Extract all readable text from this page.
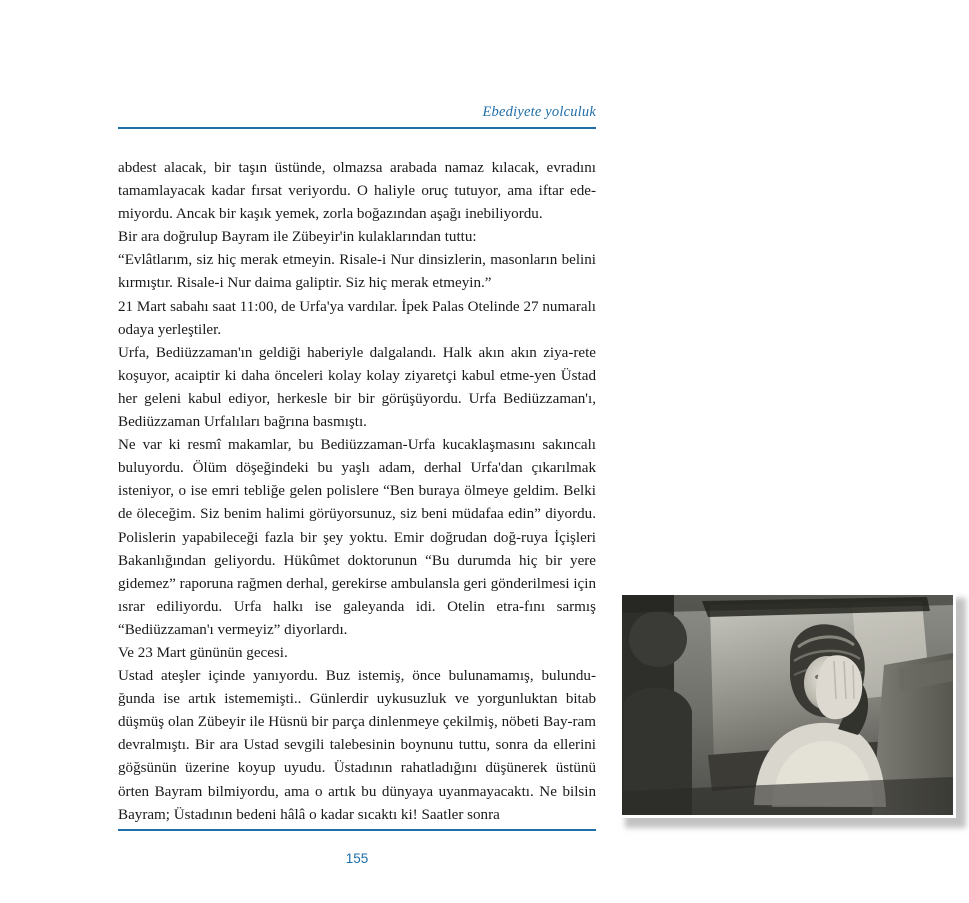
Ebediyete yolculuk

abdest alacak, bir taşın üstünde, olmazsa arabada namaz kılacak, evradını tamamlayacak kadar fırsat veriyordu. O haliyle oruç tutuyor, ama iftar ede-miyordu. Ancak bir kaşık yemek, zorla boğazından aşağı inebiliyordu.

Bir ara doğrulup Bayram ile Zübeyir'in kulaklarından tuttu:

“Evlâtlarım, siz hiç merak etmeyin. Risale-i Nur dinsizlerin, masonların belini kırmıştır. Risale-i Nur daima galiptir. Siz hiç merak etmeyin.”

21 Mart sabahı saat 11:00, de Urfa'ya vardılar. İpek Palas Otelinde 27 numaralı odaya yerleştiler.

Urfa, Bediüzzaman'ın geldiği haberiyle dalgalandı. Halk akın akın ziya-rete koşuyor, acaiptir ki daha önceleri kolay kolay ziyaretçi kabul etme-yen Üstad her geleni kabul ediyor, herkesle bir bir görüşüyordu. Urfa Bediüzzaman'ı, Bediüzzaman Urfalıları bağrına basmıştı.

Ne var ki resmî makamlar, bu Bediüzzaman-Urfa kucaklaşmasını sakıncalı buluyordu. Ölüm döşeğindeki bu yaşlı adam, derhal Urfa'dan çıkarılmak isteniyor, o ise emri tebliğe gelen polislere “Ben buraya ölmeye geldim. Belki de öleceğim. Siz benim halimi görüyorsunuz, siz beni müdafaa edin” diyordu. Polislerin yapabileceği fazla bir şey yoktu. Emir doğrudan doğ-ruya İçişleri Bakanlığından geliyordu. Hükûmet doktorunun “Bu durumda hiç bir yere gidemez” raporuna rağmen derhal, gerekirse ambulansla geri gönderilmesi için ısrar ediliyordu. Urfa halkı ise galeyanda idi. Otelin etra-fını sarmış “Bediüzzaman'ı vermeyiz” diyorlardı.

Ve 23 Mart gününün gecesi.

Ustad ateşler içinde yanıyordu. Buz istemiş, önce bulunamamış, bulundu-ğunda ise artık istememişti.. Günlerdir uykusuzluk ve yorgunluktan bitab düşmüş olan Zübeyir ile Hüsnü bir parça dinlenmeye çekilmiş, nöbeti Bay-ram devralmıştı. Bir ara Ustad sevgili talebesinin boynunu tuttu, sonra da ellerini göğsünün üzerine koyup uyudu. Üstadının rahatladığını düşünerek üstünü örten Bayram bilmiyordu, ama o artık bu dünyaya uyanmayacaktı. Ne bilsin Bayram; Üstadının bedeni hâlâ o kadar sıcaktı ki! Saatler sonra

155
